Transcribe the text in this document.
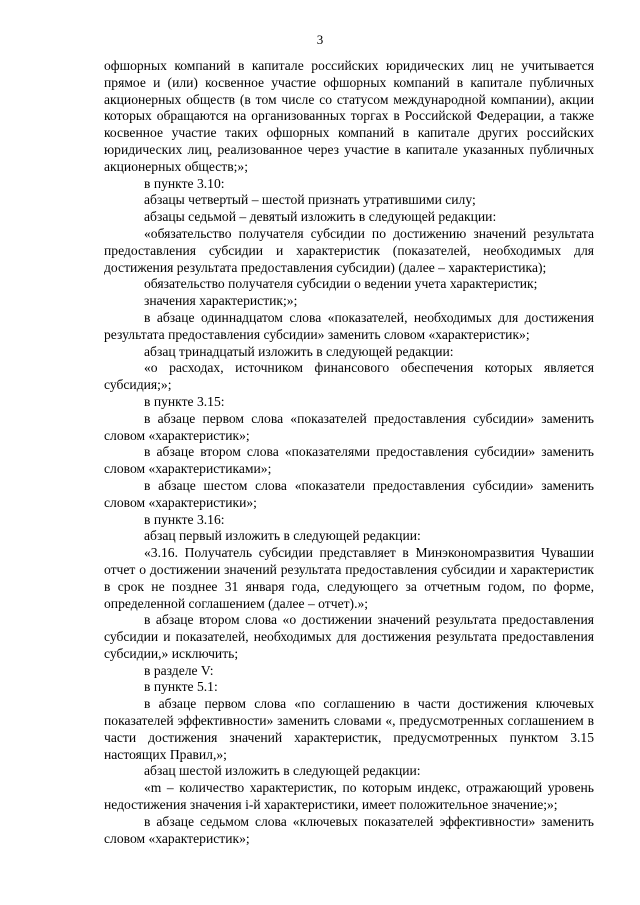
3

офшорных компаний в капитале российских юридических лиц не учитывается прямое и (или) косвенное участие офшорных компаний в капитале публичных акционерных обществ (в том числе со статусом международной компании), акции которых обращаются на организованных торгах в Российской Федерации, а также косвенное участие таких офшорных компаний в капитале других российских юридических лиц, реализованное через участие в капитале указанных публичных акционерных обществ;»;

в пункте 3.10:

абзацы четвертый – шестой признать утратившими силу;

абзацы седьмой – девятый изложить в следующей редакции:

«обязательство получателя субсидии по достижению значений результата предоставления субсидии и характеристик (показателей, необходимых для достижения результата предоставления субсидии) (далее – характеристика);

обязательство получателя субсидии о ведении учета характеристик;

значения характеристик;»;

в абзаце одиннадцатом слова «показателей, необходимых для достижения результата предоставления субсидии» заменить словом «характеристик»;

абзац тринадцатый изложить в следующей редакции:

«о расходах, источником финансового обеспечения которых является субсидия;»;

в пункте 3.15:

в абзаце первом слова «показателей предоставления субсидии» заменить словом «характеристик»;

в абзаце втором слова «показателями предоставления субсидии» заменить словом «характеристиками»;

в абзаце шестом слова «показатели предоставления субсидии» заменить словом «характеристики»;

в пункте 3.16:

абзац первый изложить в следующей редакции:

«3.16. Получатель субсидии представляет в Минэкономразвития Чувашии отчет о достижении значений результата предоставления субсидии и характеристик в срок не позднее 31 января года, следующего за отчетным годом, по форме, определенной соглашением (далее – отчет).»;

в абзаце втором слова «о достижении значений результата предоставления субсидии и показателей, необходимых для достижения результата предоставления субсидии,» исключить;

в разделе V:

в пункте 5.1:

в абзаце первом слова «по соглашению в части достижения ключевых показателей эффективности» заменить словами «, предусмотренных соглашением в части достижения значений характеристик, предусмотренных пунктом 3.15 настоящих Правил,»;

абзац шестой изложить в следующей редакции:

«m – количество характеристик, по которым индекс, отражающий уровень недостижения значения i-й характеристики, имеет положительное значение;»;

в абзаце седьмом слова «ключевых показателей эффективности» заменить словом «характеристик»;
